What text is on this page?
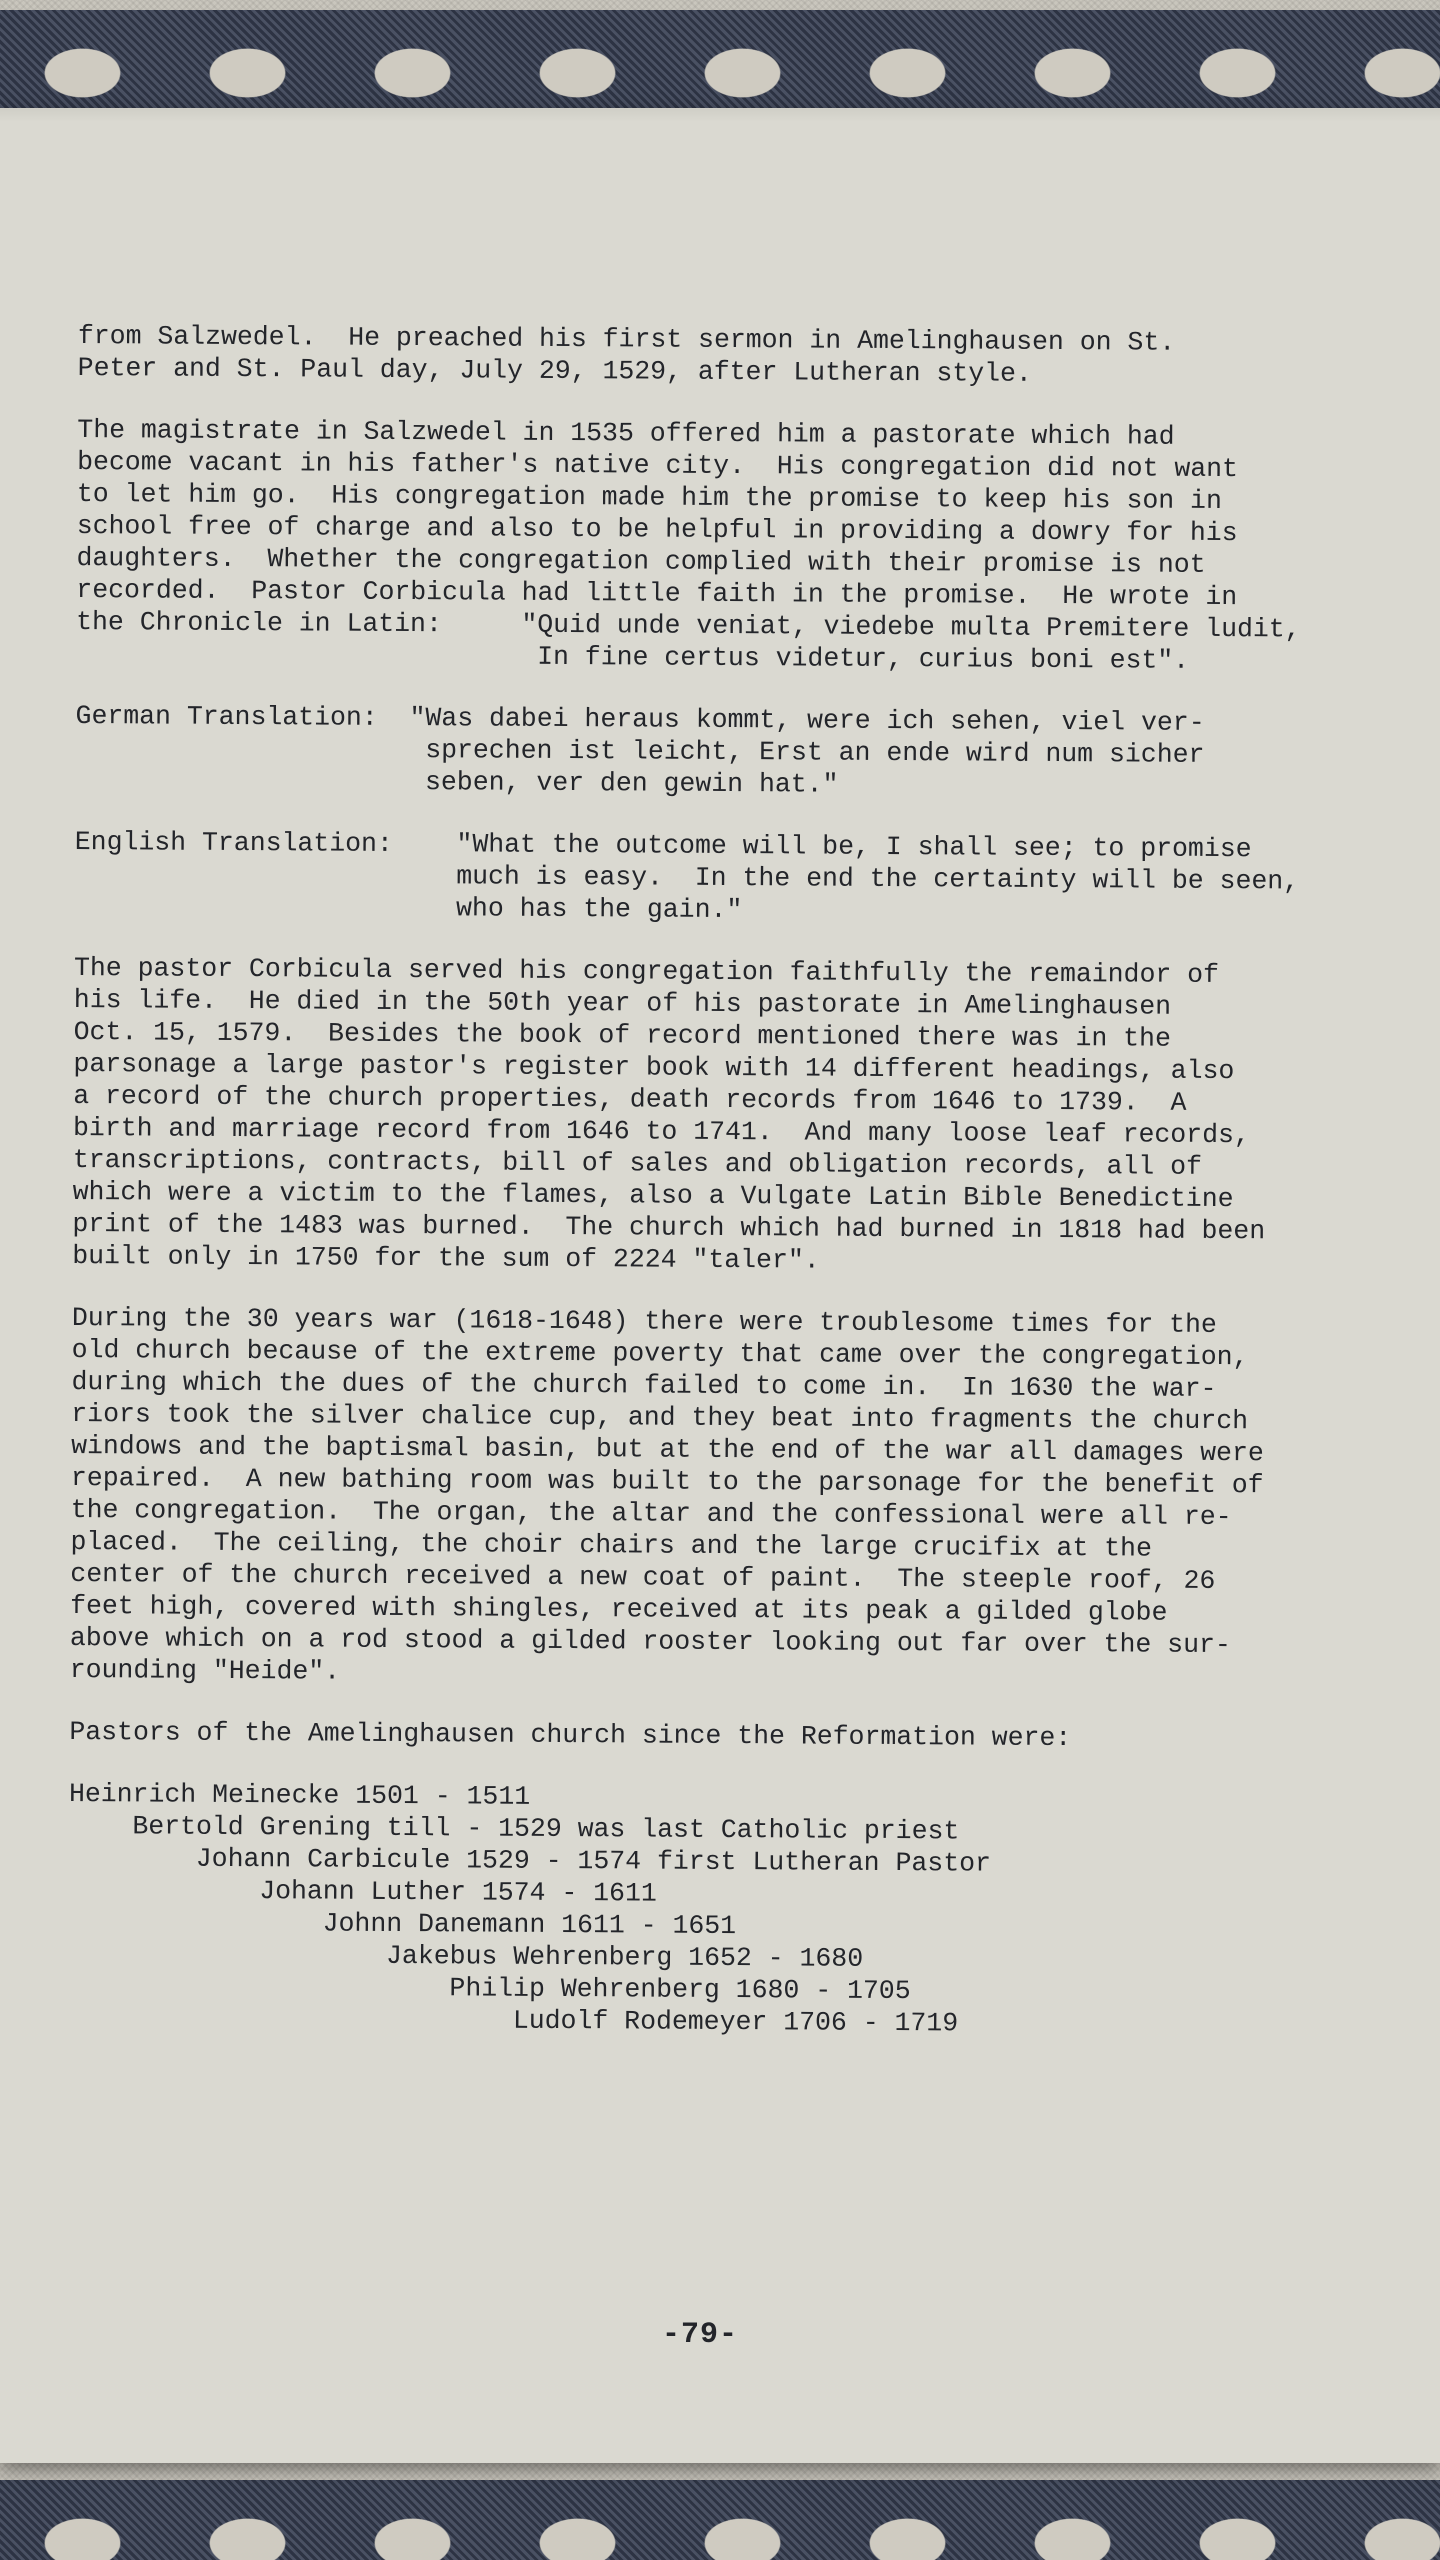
from Salzwedel.  He preached his first sermon in Amelinghausen on St.
Peter and St. Paul day, July 29, 1529, after Lutheran style.
The magistrate in Salzwedel in 1535 offered him a pastorate which had
become vacant in his father's native city.  His congregation did not want
to let him go.  His congregation made him the promise to keep his son in
school free of charge and also to be helpful in providing a dowry for his
daughters.  Whether the congregation complied with their promise is not
recorded.  Pastor Corbicula had little faith in the promise.  He wrote in
the Chronicle in Latin:     "Quid unde veniat, viedebe multa Premitere ludit,
In fine certus videtur, curius boni est".
German Translation:  "Was dabei heraus kommt, were ich sehen, viel ver-
sprechen ist leicht, Erst an ende wird num sicher
seben, ver den gewin hat."
English Translation:    "What the outcome will be, I shall see; to promise
much is easy.  In the end the certainty will be seen,
who has the gain."
The pastor Corbicula served his congregation faithfully the remaindor of
his life.  He died in the 50th year of his pastorate in Amelinghausen
Oct. 15, 1579.  Besides the book of record mentioned there was in the
parsonage a large pastor's register book with 14 different headings, also
a record of the church properties, death records from 1646 to 1739.  A
birth and marriage record from 1646 to 1741.  And many loose leaf records,
transcriptions, contracts, bill of sales and obligation records, all of
which were a victim to the flames, also a Vulgate Latin Bible Benedictine
print of the 1483 was burned.  The church which had burned in 1818 had been
built only in 1750 for the sum of 2224 "taler".
During the 30 years war (1618-1648) there were troublesome times for the
old church because of the extreme poverty that came over the congregation,
during which the dues of the church failed to come in.  In 1630 the war-
riors took the silver chalice cup, and they beat into fragments the church
windows and the baptismal basin, but at the end of the war all damages were
repaired.  A new bathing room was built to the parsonage for the benefit of
the congregation.  The organ, the altar and the confessional were all re-
placed.  The ceiling, the choir chairs and the large crucifix at the
center of the church received a new coat of paint.  The steeple roof, 26
feet high, covered with shingles, received at its peak a gilded globe
above which on a rod stood a gilded rooster looking out far over the sur-
rounding "Heide".
Pastors of the Amelinghausen church since the Reformation were:
Heinrich Meinecke 1501 - 1511
Bertold Grening till - 1529 was last Catholic priest
Johann Carbicule 1529 - 1574 first Lutheran Pastor
Johann Luther 1574 - 1611
Johnn Danemann 1611 - 1651
Jakebus Wehrenberg 1652 - 1680
Philip Wehrenberg 1680 - 1705
Ludolf Rodemeyer 1706 - 1719
-79-
